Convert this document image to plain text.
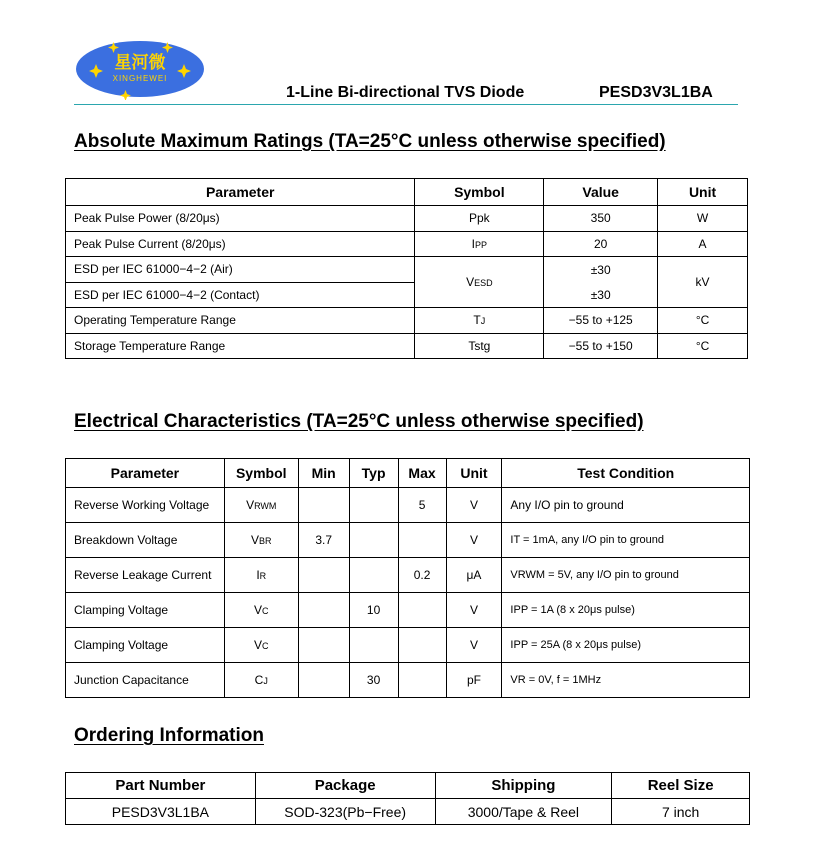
星河微
XINGHEWEI
1-Line Bi-directional TVS Diode	PESD3V3L1BA
Absolute Maximum Ratings (TA=25°C unless otherwise specified)
Parameter	Symbol	Value	Unit
Peak Pulse Power (8/20μs)	Ppk	350	W
Peak Pulse Current (8/20μs)	IPP	20	A
ESD per IEC 61000−4−2 (Air)	VESD	±30	kV
ESD per IEC 61000−4−2 (Contact)		±30	
Operating Temperature Range	TJ	−55 to +125	°C
Storage Temperature Range	Tstg	−55 to +150	°C
Electrical Characteristics (TA=25°C unless otherwise specified)
Parameter	Symbol	Min	Typ	Max	Unit	Test Condition
Reverse Working Voltage	VRWM			5	V	Any I/O pin to ground
Breakdown Voltage	VBR	3.7			V	IT = 1mA, any I/O pin to ground
Reverse Leakage Current	IR			0.2	μA	VRWM = 5V, any I/O pin to ground
Clamping Voltage	VC		10		V	IPP = 1A (8 x 20μs pulse)
Clamping Voltage	VC				V	IPP = 25A (8 x 20μs pulse)
Junction Capacitance	CJ		30		pF	VR = 0V, f = 1MHz
Ordering Information
Part Number	Package	Shipping	Reel Size
PESD3V3L1BA	SOD-323(Pb−Free)	3000/Tape & Reel	7 inch
